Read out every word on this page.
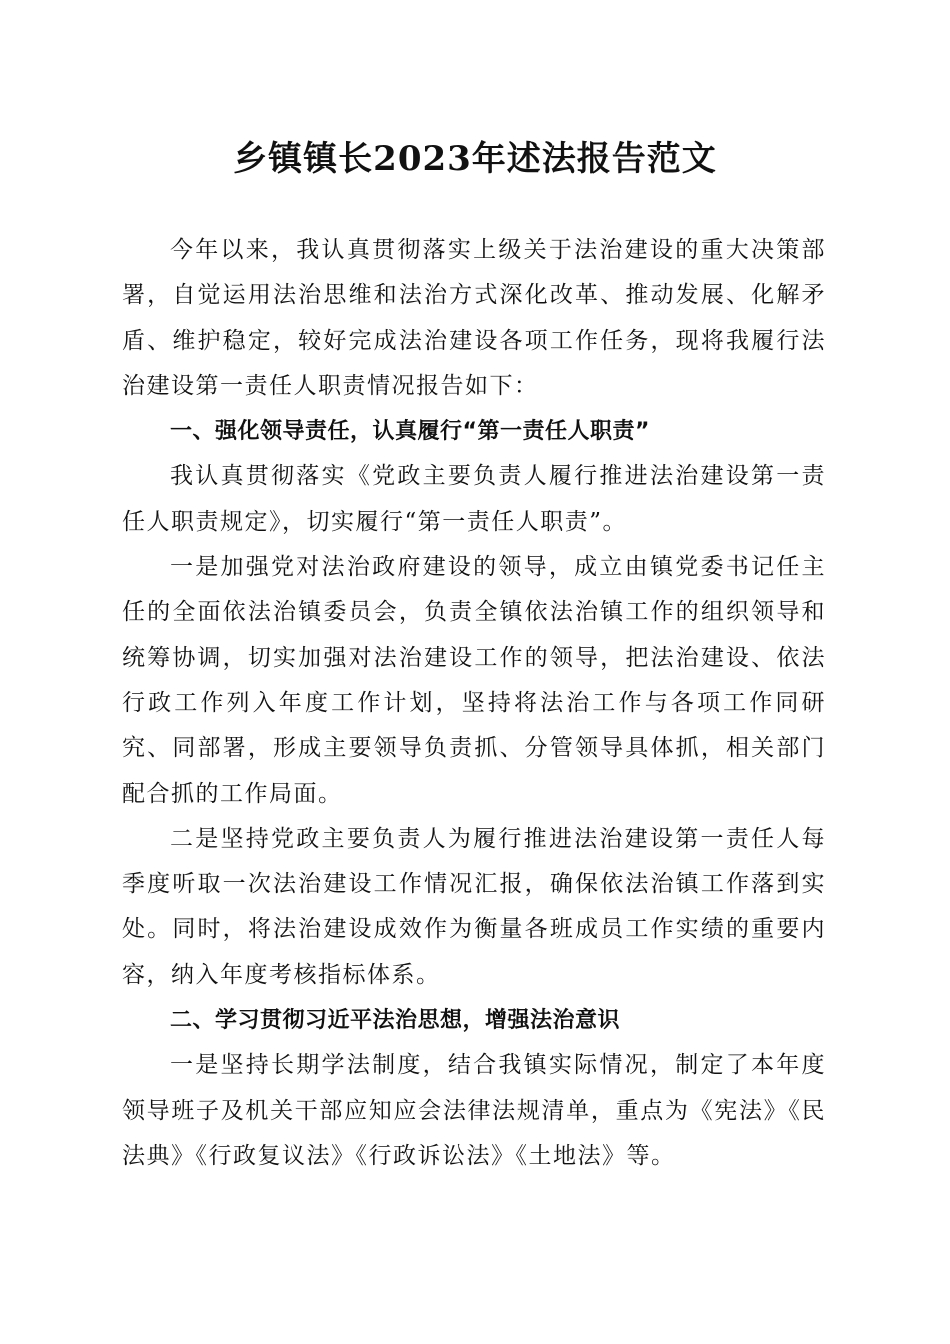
乡镇镇长2023年述法报告范文

今年以来，我认真贯彻落实上级关于法治建设的重大决策部署，自觉运用法治思维和法治方式深化改革、推动发展、化解矛盾、维护稳定，较好完成法治建设各项工作任务，现将我履行法治建设第一责任人职责情况报告如下：

一、强化领导责任，认真履行“第一责任人职责”

我认真贯彻落实《党政主要负责人履行推进法治建设第一责任人职责规定》，切实履行“第一责任人职责”。

一是加强党对法治政府建设的领导，成立由镇党委书记任主任的全面依法治镇委员会，负责全镇依法治镇工作的组织领导和统筹协调，切实加强对法治建设工作的领导，把法治建设、依法行政工作列入年度工作计划，坚持将法治工作与各项工作同研究、同部署，形成主要领导负责抓、分管领导具体抓，相关部门配合抓的工作局面。

二是坚持党政主要负责人为履行推进法治建设第一责任人每季度听取一次法治建设工作情况汇报，确保依法治镇工作落到实处。同时，将法治建设成效作为衡量各班成员工作实绩的重要内容，纳入年度考核指标体系。

二、学习贯彻习近平法治思想，增强法治意识

一是坚持长期学法制度，结合我镇实际情况，制定了本年度领导班子及机关干部应知应会法律法规清单，重点为《宪法》《民法典》《行政复议法》《行政诉讼法》《土地法》等。
